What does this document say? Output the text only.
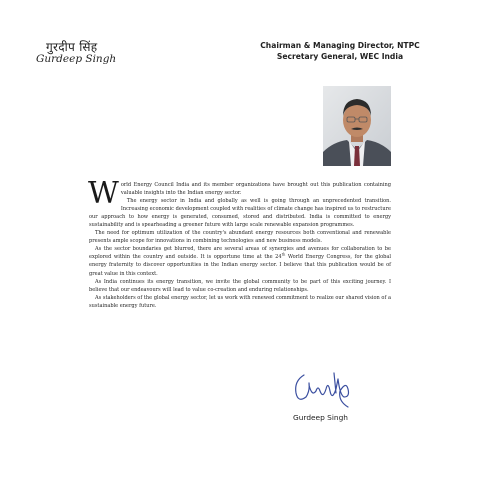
गुरदीप सिंह
Gurdeep Singh
Chairman & Managing Director, NTPC
Secretary General, WEC India
W orld Energy Council India and its member organizations have brought out this publication containing valuable insights into the Indian energy sector.

The energy sector in India and globally as well is going through an unprecedented transition. Increasing economic development coupled with realities of climate change has inspired us to restructure our approach to how energy is generated, consumed, stored and distributed. India is committed to energy sustainability and is spearheading a greener future with large scale renewable expansion programmes.

The need for optimum utilization of the country's abundant energy resources both conventional and renewable presents ample scope for innovations in combining technologies and new business models.

As the sector boundaries get blurred, there are several areas of synergies and avenues for collaboration to be explored within the country and outside. It is opportune time at the 24th World Energy Congress, for the global energy fraternity to discover opportunities in the Indian energy sector. I believe that this publication would be of great value in this context.

As India continues its energy transition, we invite the global community to be part of this exciting journey. I believe that our endeavours will lead to value co-creation and enduring relationships.

As stakeholders of the global energy sector, let us work with renewed commitment to realize our shared vision of a sustainable energy future.

Gurdeep Singh
